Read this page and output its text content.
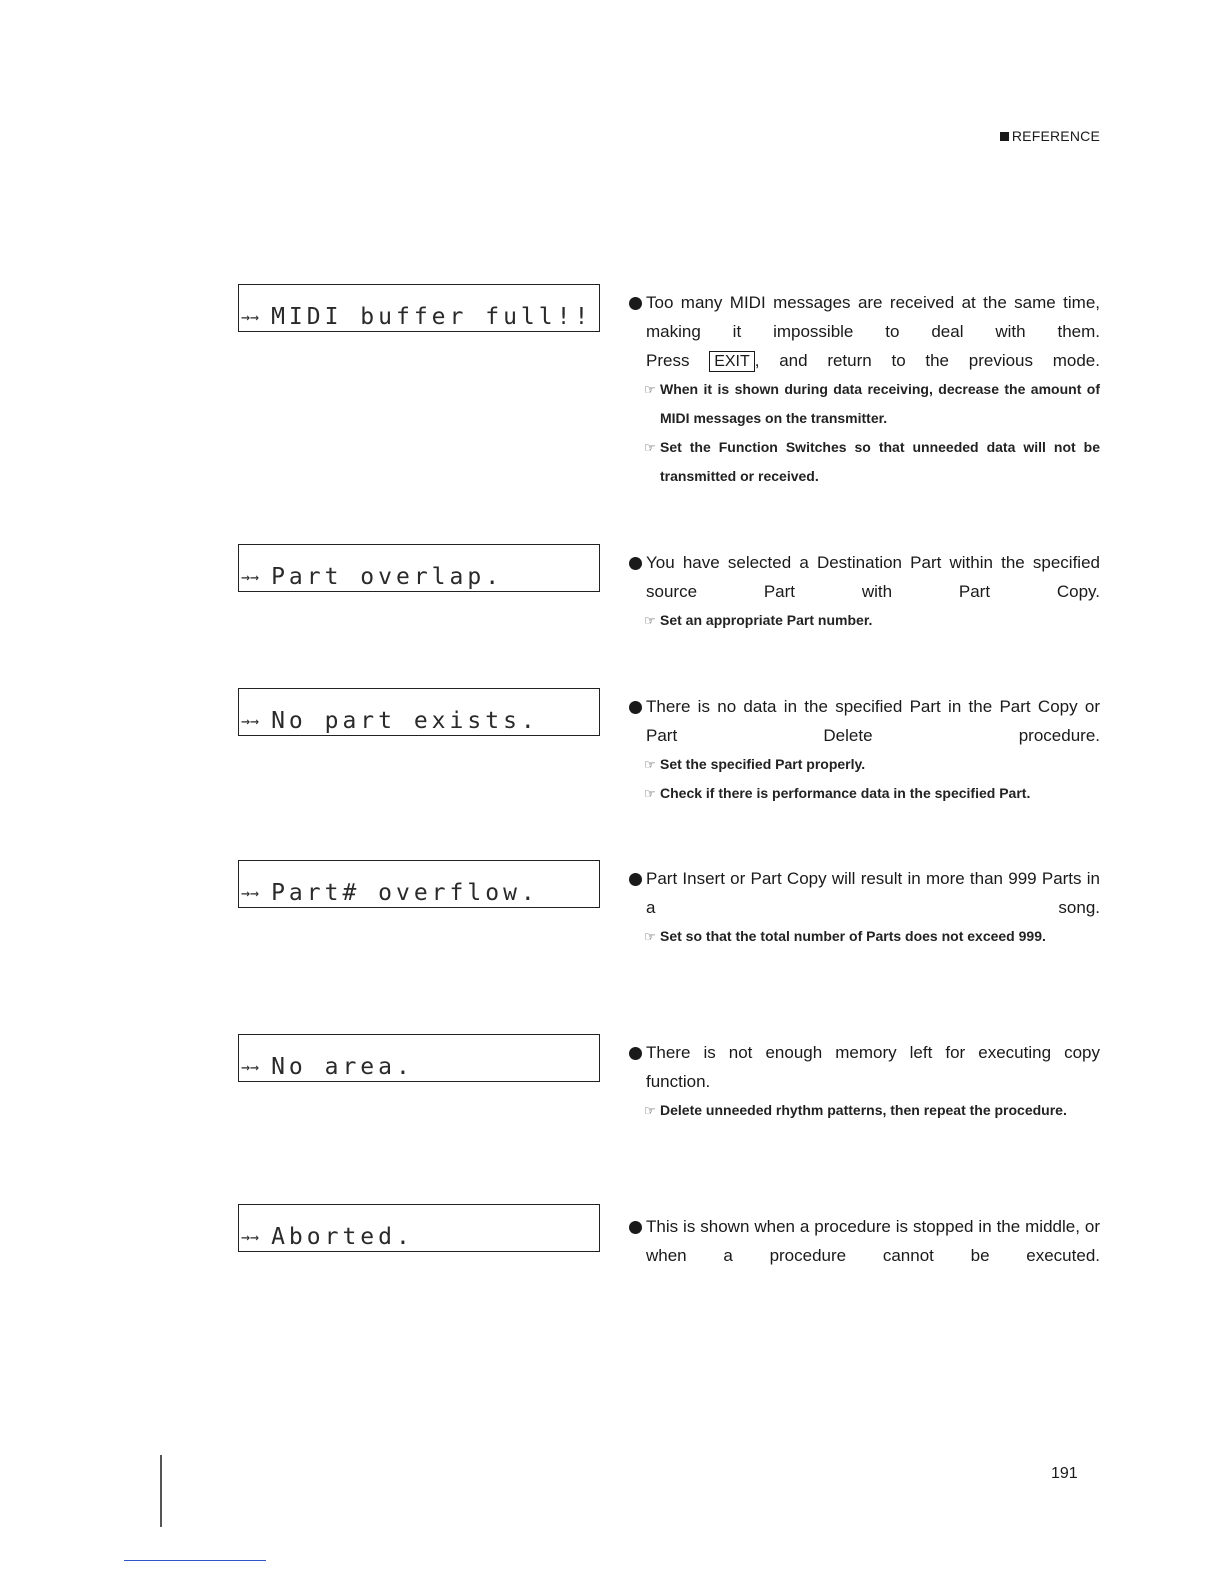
REFERENCE
→→ MIDI buffer full!!
Too many MIDI messages are received at the same time, making it impossible to deal with them.
Press EXIT , and return to the previous mode.
☞ When it is shown during data receiving, decrease the amount of MIDI messages on the transmitter.
☞ Set the Function Switches so that unneeded data will not be transmitted or received.
→→ Part overlap.
You have selected a Destination Part within the specified source Part with Part Copy.
☞ Set an appropriate Part number.
→→ No part exists.
There is no data in the specified Part in the Part Copy or Part Delete procedure.
☞ Set the specified Part properly.
☞ Check if there is performance data in the specified Part.
→→ Part# overflow.
Part Insert or Part Copy will result in more than 999 Parts in a song.
☞ Set so that the total number of Parts does not exceed 999.
→→ No area.
There is not enough memory left for executing copy function.
☞ Delete unneeded rhythm patterns, then repeat the procedure.
→→ Aborted.	This is shown when a procedure is stopped in the middle, or when a procedure cannot be executed.
191
